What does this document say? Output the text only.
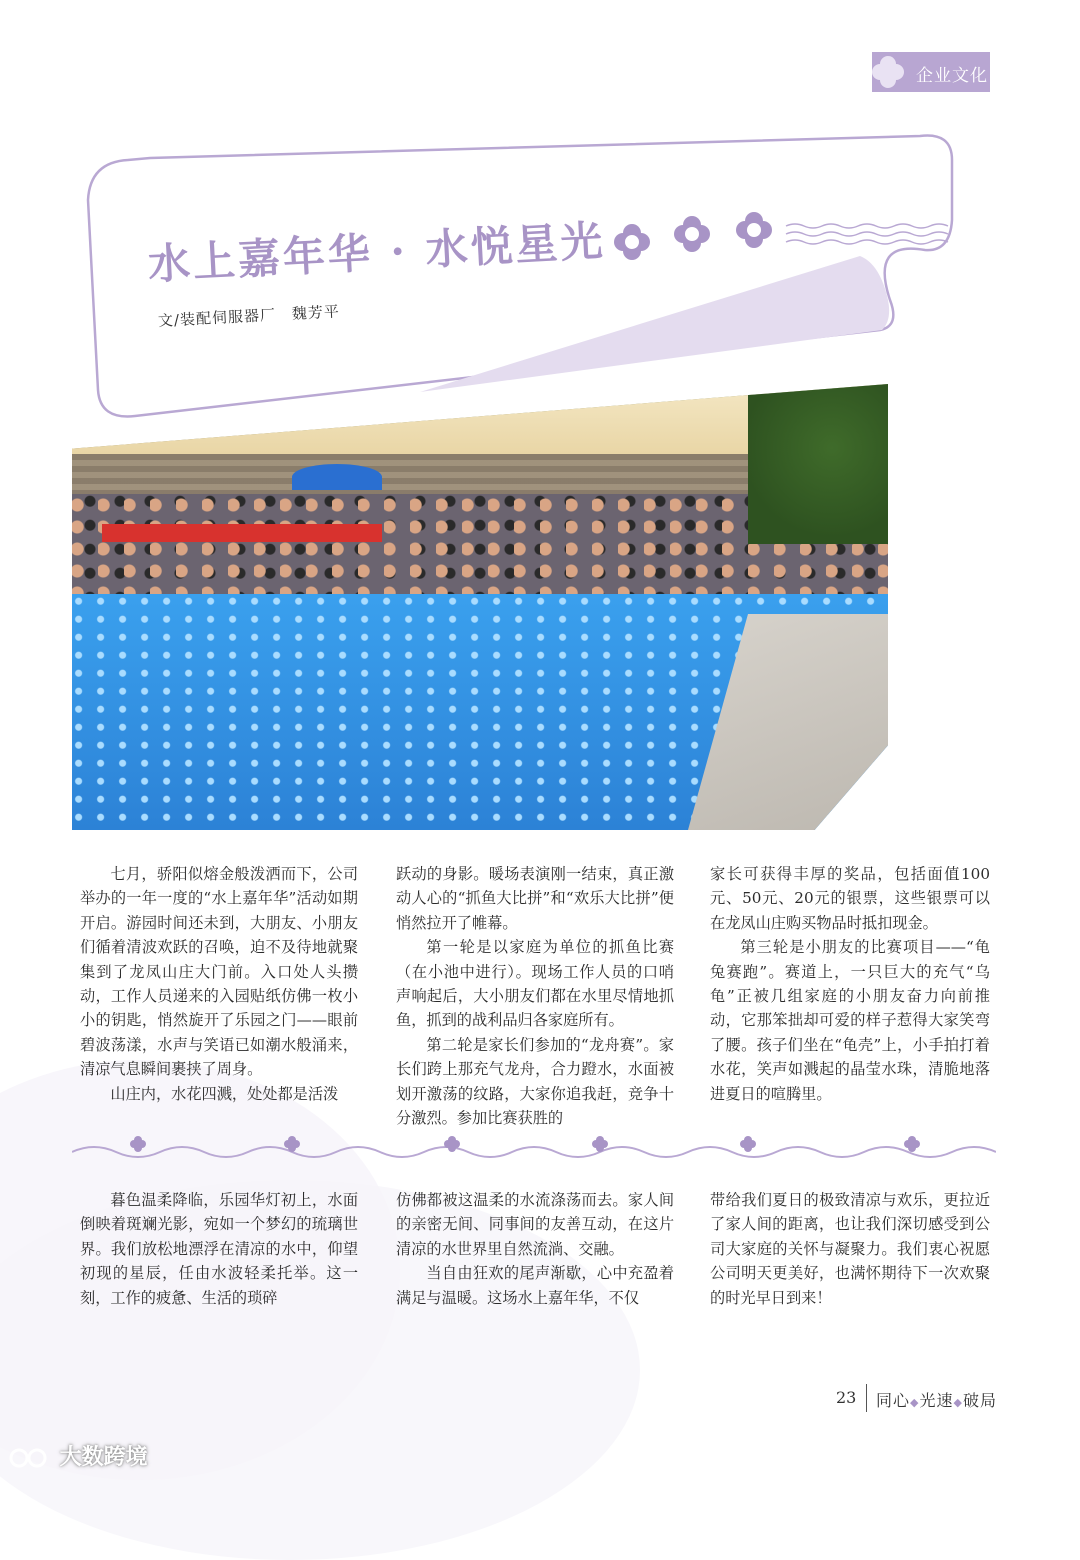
企业文化
水上嘉年华 · 水悦星光
文/装配伺服器厂　魏芳平

七月，骄阳似熔金般泼洒而下，公司举办的一年一度的“水上嘉年华”活动如期开启。游园时间还未到，大朋友、小朋友们循着清波欢跃的召唤，迫不及待地就聚集到了龙凤山庄大门前。入口处人头攒动，工作人员递来的入园贴纸仿佛一枚小小的钥匙，悄然旋开了乐园之门——眼前碧波荡漾，水声与笑语已如潮水般涌来，清凉气息瞬间裹挟了周身。

山庄内，水花四溅，处处都是活泼

跃动的身影。暖场表演刚一结束，真正激动人心的“抓鱼大比拼”和“欢乐大比拼”便悄然拉开了帷幕。

第一轮是以家庭为单位的抓鱼比赛（在小池中进行）。现场工作人员的口哨声响起后，大小朋友们都在水里尽情地抓鱼，抓到的战利品归各家庭所有。

第二轮是家长们参加的“龙舟赛”。家长们跨上那充气龙舟，合力蹬水，水面被划开激荡的纹路，大家你追我赶，竞争十分激烈。参加比赛获胜的

家长可获得丰厚的奖品，包括面值100元、50元、20元的银票，这些银票可以在龙凤山庄购买物品时抵扣现金。

第三轮是小朋友的比赛项目——“龟兔赛跑”。赛道上，一只巨大的充气“乌龟”正被几组家庭的小朋友奋力向前推动，它那笨拙却可爱的样子惹得大家笑弯了腰。孩子们坐在“龟壳”上，小手拍打着水花，笑声如溅起的晶莹水珠，清脆地落进夏日的喧腾里。

暮色温柔降临，乐园华灯初上，水面倒映着斑斓光影，宛如一个梦幻的琉璃世界。我们放松地漂浮在清凉的水中，仰望初现的星辰，任由水波轻柔托举。这一刻，工作的疲惫、生活的琐碎

仿佛都被这温柔的水流涤荡而去。家人间的亲密无间、同事间的友善互动，在这片清凉的水世界里自然流淌、交融。

当自由狂欢的尾声渐歇，心中充盈着满足与温暖。这场水上嘉年华，不仅

带给我们夏日的极致清凉与欢乐，更拉近了家人间的距离，也让我们深切感受到公司大家庭的关怀与凝聚力。我们衷心祝愿公司明天更美好，也满怀期待下一次欢聚的时光早日到来！

23 同心◆光速◆破局
大数跨境
